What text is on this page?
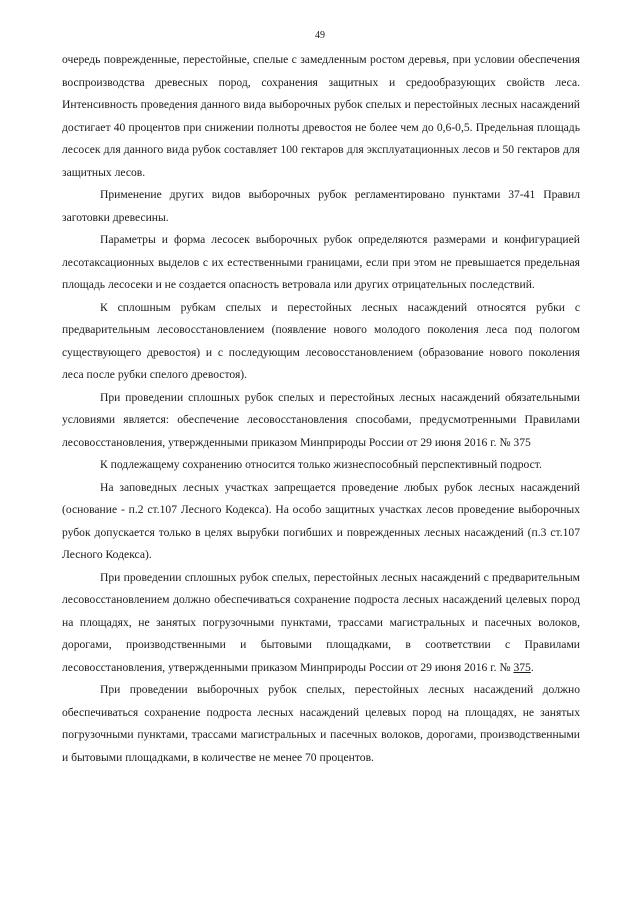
49

очередь поврежденные, перестойные, спелые с замедленным ростом деревья, при условии обеспечения воспроизводства древесных пород, сохранения защитных и средообразующих свойств леса. Интенсивность проведения данного вида выборочных рубок спелых и перестойных лесных насаждений достигает 40 процентов при снижении полноты древостоя не более чем до 0,6-0,5. Предельная площадь лесосек для данного вида рубок составляет 100 гектаров для эксплуатационных лесов и 50 гектаров для защитных лесов.

Применение других видов выборочных рубок регламентировано пунктами 37-41 Правил заготовки древесины.

Параметры и форма лесосек выборочных рубок определяются размерами и конфигурацией лесотаксационных выделов с их естественными границами, если при этом не превышается предельная площадь лесосеки и не создается опасность ветровала или других отрицательных последствий.

К сплошным рубкам спелых и перестойных лесных насаждений относятся рубки с предварительным лесовосстановлением (появление нового молодого поколения леса под пологом существующего древостоя) и с последующим лесовосстановлением (образование нового поколения леса после рубки спелого древостоя).

При проведении сплошных рубок спелых и перестойных лесных насаждений обязательными условиями является: обеспечение лесовосстановления способами, предусмотренными Правилами лесовосстановления, утвержденными приказом Минприроды России от 29 июня 2016 г. № 375

К подлежащему сохранению относится только жизнеспособный перспективный подрост.

На заповедных лесных участках запрещается проведение любых рубок лесных насаждений (основание - п.2 ст.107 Лесного Кодекса). На особо защитных участках лесов проведение выборочных рубок допускается только в целях вырубки погибших и поврежденных лесных насаждений (п.3 ст.107 Лесного Кодекса).

При проведении сплошных рубок спелых, перестойных лесных насаждений с предварительным лесовосстановлением должно обеспечиваться сохранение подроста лесных насаждений целевых пород на площадях, не занятых погрузочными пунктами, трассами магистральных и пасечных волоков, дорогами, производственными и бытовыми площадками, в соответствии с Правилами лесовосстановления, утвержденными приказом Минприроды России от 29 июня 2016 г. № 375.

При проведении выборочных рубок спелых, перестойных лесных насаждений должно обеспечиваться сохранение подроста лесных насаждений целевых пород на площадях, не занятых погрузочными пунктами, трассами магистральных и пасечных волоков, дорогами, производственными и бытовыми площадками, в количестве не менее 70 процентов.
